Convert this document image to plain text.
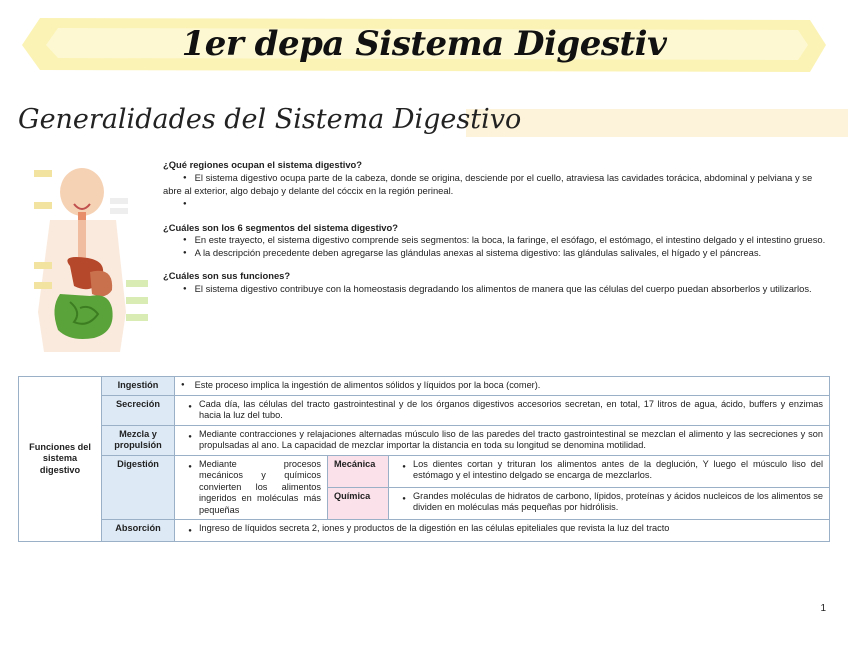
1er depa Sistema Digestiv
Generalidades del Sistema Digestivo

¿Qué regiones ocupan el sistema digestivo?

● El sistema digestivo ocupa parte de la cabeza, donde se origina, desciende por el cuello, atraviesa las cavidades torácica, abdominal y pelviana y se abre al exterior, algo debajo y delante del cóccix en la región perineal.

●

¿Cuáles son los 6 segmentos del sistema digestivo?

● En este trayecto, el sistema digestivo comprende seis segmentos: la boca, la faringe, el esófago, el estómago, el intestino delgado y el intestino grueso.

● A la descripción precedente deben agregarse las glándulas anexas al sistema digestivo: las glándulas salivales, el hígado y el páncreas.

¿Cuáles son sus funciones?

● El sistema digestivo contribuye con la homeostasis degradando los alimentos de manera que las células del cuerpo puedan absorberlos y utilizarlos.

Funciones del sistema digestivo	Ingestión	● Este proceso implica la ingestión de alimentos sólidos y líquidos por la boca (comer).		
	Secreción	● Cada día, las células del tracto gastrointestinal y de los órganos digestivos accesorios secretan, en total, 17 litros de agua, ácido, buffers y enzimas hacia la luz del tubo.		

	Mezcla y propulsión	● Mediante contracciones y relajaciones alternadas músculo liso de las paredes del tracto gastrointestinal se mezclan el alimento y las secreciones y son propulsadas al ano. La capacidad de mezclar importar la distancia en toda su longitud se denomina motilidad.		

	Digestión	● Mediante procesos mecánicos y químicos convierten los alimentos ingeridos en moléculas más pequeñas	Mecánica	● Los dientes cortan y trituran los alimentos antes de la deglución, Y luego el músculo liso del estómago y el intestino delgado se encarga de mezclarlos.

			Química	● Grandes moléculas de hidratos de carbono, lípidos, proteínas y ácidos nucleicos de los alimentos se dividen en moléculas más pequeñas por hidrólisis.

	Absorción	● Ingreso de líquidos secreta 2, iones y productos de la digestión en las células epiteliales que revista la luz del tracto		
1
